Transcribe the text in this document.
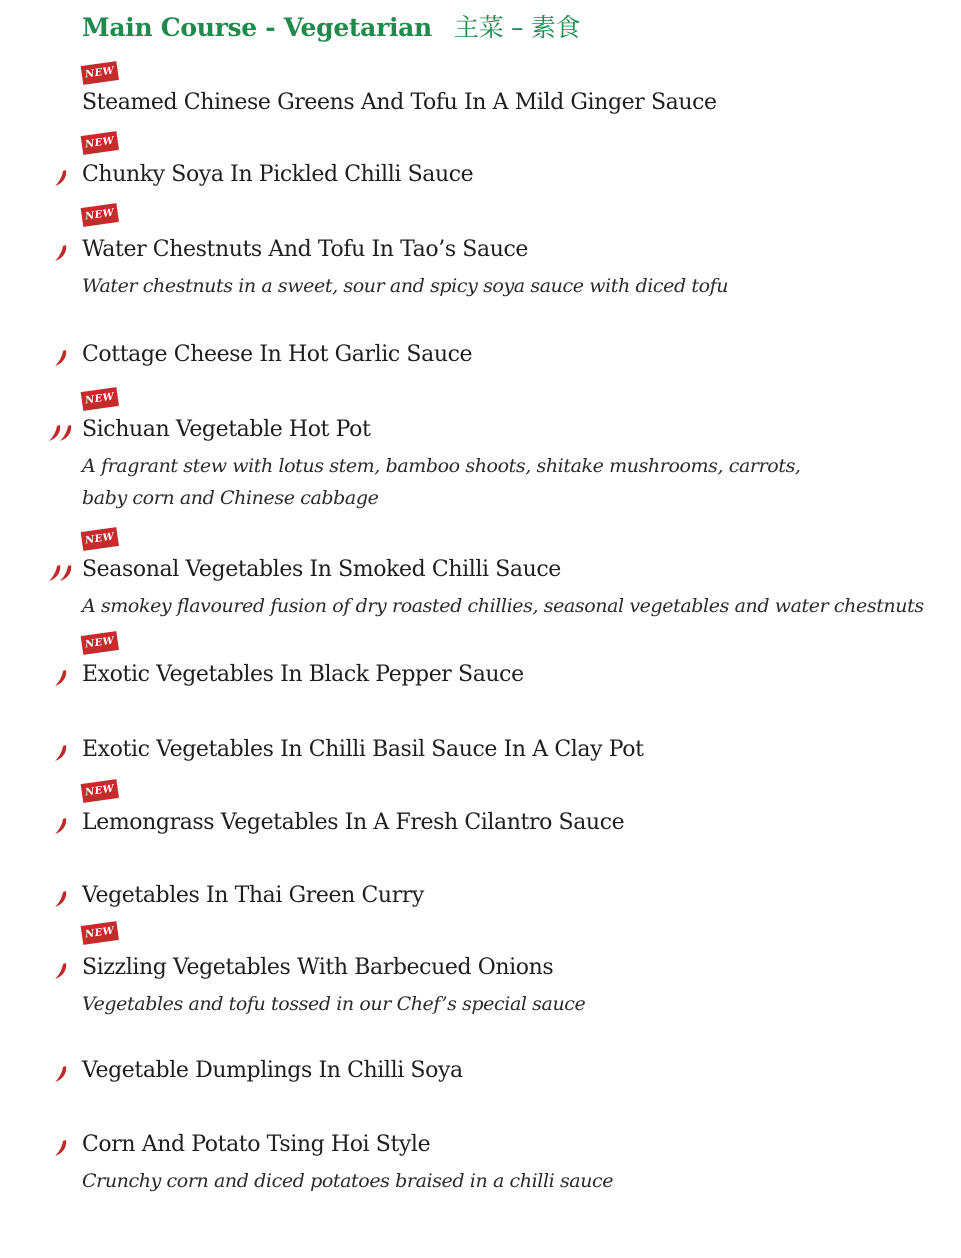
Main Course - Vegetarian 主菜 – 素食
NEW
Steamed Chinese Greens And Tofu In A Mild Ginger Sauce
NEW
Chunky Soya In Pickled Chilli Sauce
NEW
Water Chestnuts And Tofu In Tao’s Sauce
Water chestnuts in a sweet, sour and spicy soya sauce with diced tofu
Cottage Cheese In Hot Garlic Sauce
NEW
Sichuan Vegetable Hot Pot
A fragrant stew with lotus stem, bamboo shoots, shitake mushrooms, carrots,
baby corn and Chinese cabbage
NEW
Seasonal Vegetables In Smoked Chilli Sauce
A smokey flavoured fusion of dry roasted chillies, seasonal vegetables and water chestnuts
NEW
Exotic Vegetables In Black Pepper Sauce
Exotic Vegetables In Chilli Basil Sauce In A Clay Pot
NEW
Lemongrass Vegetables In A Fresh Cilantro Sauce
Vegetables In Thai Green Curry
NEW
Sizzling Vegetables With Barbecued Onions
Vegetables and tofu tossed in our Chef’s special sauce
Vegetable Dumplings In Chilli Soya
Corn And Potato Tsing Hoi Style
Crunchy corn and diced potatoes braised in a chilli sauce
